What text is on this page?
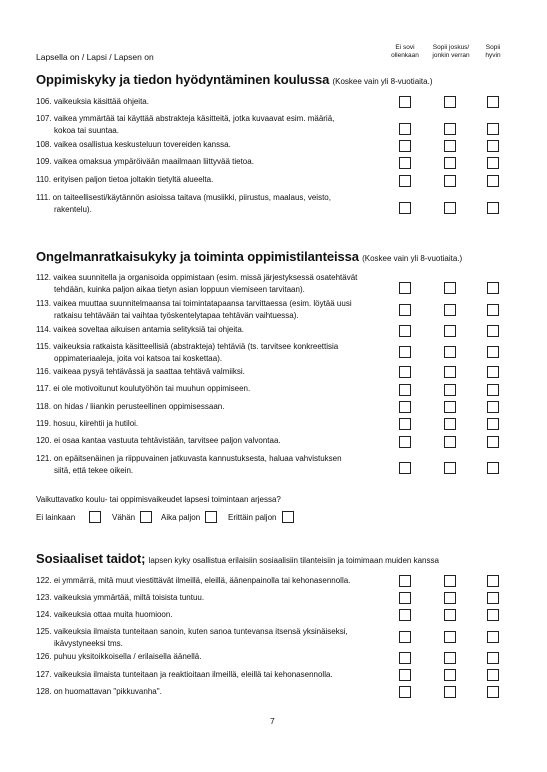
Lapsella on / Lapsi / Lapsen on
Ei sovi
ollenkaan
Sopii joskus/
jonkin verran
Sopii
hyvin
Oppimiskyky ja tiedon hyödyntäminen koulussa (Koskee vain yli 8-vuotiaita.)
106. vaikeuksia käsittää ohjeita.
107. vaikea ymmärtää tai käyttää abstrakteja käsitteitä, jotka kuvaavat esim. määriä,
kokoa tai suuntaa.
108. vaikea osallistua keskusteluun tovereiden kanssa.
109. vaikea omaksua ympäröivään maailmaan liittyvää tietoa.
110. erityisen paljon tietoa joltakin tietyltä alueelta.
111. on taiteellisesti/käytännön asioissa taitava (musiikki, piirustus, maalaus, veisto,
rakentelu).
Ongelmanratkaisukyky ja toiminta oppimistilanteissa (Koskee vain yli 8-vuotiaita.)
112. vaikea suunnitella ja organisoida oppimistaan (esim. missä järjestyksessä osatehtävät
tehdään, kuinka paljon aikaa tietyn asian loppuun viemiseen tarvitaan).
113. vaikea muuttaa suunnitelmaansa tai toimintatapaansa tarvittaessa (esim. löytää uusi
ratkaisu tehtävään tai vaihtaa työskentelytapaa tehtävän vaihtuessa).
114. vaikea soveltaa aikuisen antamia selityksiä tai ohjeita.
115. vaikeuksia ratkaista käsitteellisiä (abstrakteja) tehtäviä (ts. tarvitsee konkreettisia
oppimateriaaleja, joita voi katsoa tai koskettaa).
116. vaikeaa pysyä tehtävässä ja saattaa tehtävä valmiiksi.
117. ei ole motivoitunut koulutyöhön tai muuhun oppimiseen.
118. on hidas / liiankin perusteellinen oppimisessaan.
119. hosuu, kiirehtii ja hutiloi.
120. ei osaa kantaa vastuuta tehtävistään, tarvitsee paljon valvontaa.
121. on epäitsenäinen ja riippuvainen jatkuvasta kannustuksesta, haluaa vahvistuksen
siitä, että tekee oikein.
Vaikuttavatko koulu- tai oppimisvaikeudet lapsesi toimintaan arjessa?
Ei lainkaan	Vähän	Aika paljon	Erittäin paljon
Sosiaaliset taidot; lapsen kyky osallistua erilaisiin sosiaalisiin tilanteisiin ja toimimaan muiden kanssa
122. ei ymmärrä, mitä muut viestittävät ilmeillä, eleillä, äänenpainolla tai kehonasennolla.
123. vaikeuksia ymmärtää, miltä toisista tuntuu.
124. vaikeuksia ottaa muita huomioon.
125. vaikeuksia ilmaista tunteitaan sanoin, kuten sanoa tuntevansa itsensä yksinäiseksi,
ikävystyneeksi tms.
126. puhuu yksitoikkoisella / erilaisella äänellä.
127. vaikeuksia ilmaista tunteitaan ja reaktioitaan ilmeillä, eleillä tai kehonasennolla.
128. on huomattavan "pikkuvanha".
7
